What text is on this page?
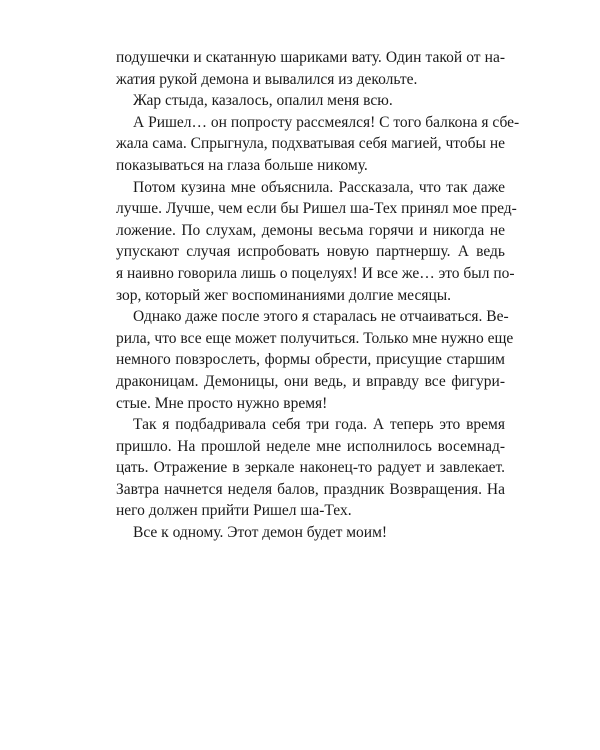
подушечки и скатанную шариками вату. Один такой от на-
жатия рукой демона и вывалился из декольте.
Жар стыда, казалось, опалил меня всю.
А Ришел… он попросту рассмеялся! С того балкона я сбе-
жала сама. Спрыгнула, подхватывая себя магией, чтобы не
показываться на глаза больше никому.
Потом кузина мне объяснила. Рассказала, что так даже
лучше. Лучше, чем если бы Ришел ша-Тех принял мое пред-
ложение. По слухам, демоны весьма горячи и никогда не
упускают случая испробовать новую партнершу. А ведь
я наивно говорила лишь о поцелуях! И все же… это был по-
зор, который жег воспоминаниями долгие месяцы.
Однако даже после этого я старалась не отчаиваться. Ве-
рила, что все еще может получиться. Только мне нужно еще
немного повзрослеть, формы обрести, присущие старшим
драконицам. Демоницы, они ведь, и вправду все фигури-
стые. Мне просто нужно время!
Так я подбадривала себя три года. А теперь это время
пришло. На прошлой неделе мне исполнилось восемнад-
цать. Отражение в зеркале наконец-то радует и завлекает.
Завтра начнется неделя балов, праздник Возвращения. На
него должен прийти Ришел ша-Тех.
Все к одному. Этот демон будет моим!
